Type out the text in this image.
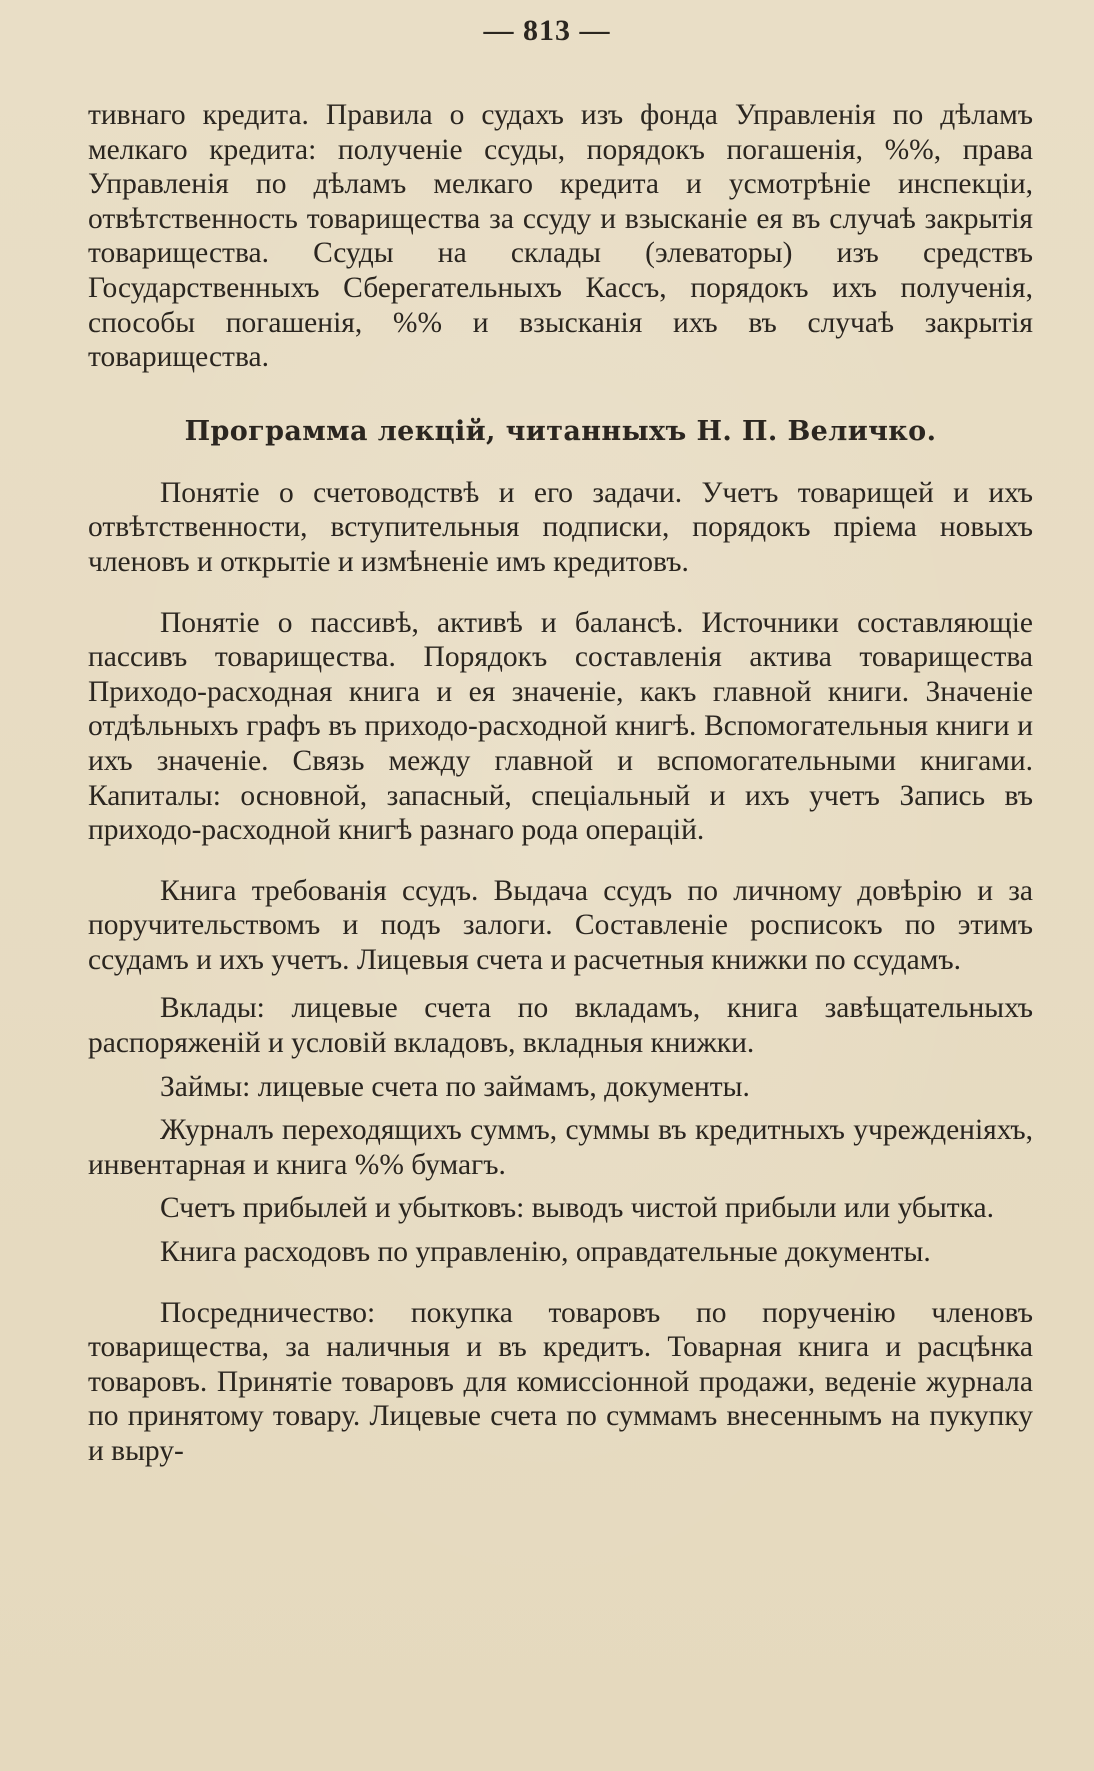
— 813 —

тивнаго кредита. Правила о судахъ изъ фонда Управленія по дѣламъ мелкаго кредита: полученіе ссуды, порядокъ погашенія, %%, права Управленія по дѣламъ мелкаго кредита и усмотрѣніе инспекціи, отвѣтственность товарищества за ссуду и взысканіе ея въ случаѣ закрытія товарищества. Ссуды на склады (элеваторы) изъ средствъ Государственныхъ Сберегательныхъ Кассъ, порядокъ ихъ полученія, способы погашенія, %% и взысканія ихъ въ случаѣ закрытія товарищества.

Программа лекцій, читанныхъ Н. П. Величко.

Понятіе о счетоводствѣ и его задачи. Учетъ товарищей и ихъ отвѣтственности, вступительныя подписки, порядокъ пріема новыхъ членовъ и открытіе и измѣненіе имъ кредитовъ.

Понятіе о пассивѣ, активѣ и балансѣ. Источники составляющіе пассивъ товарищества. Порядокъ составленія актива товарищества Приходо-расходная книга и ея значеніе, какъ главной книги. Значеніе отдѣльныхъ графъ въ приходо-расходной книгѣ. Вспомогательныя книги и ихъ значеніе. Связь между главной и вспомогательными книгами. Капиталы: основной, запасный, спеціальный и ихъ учетъ Запись въ приходо-расходной книгѣ разнаго рода операцій.

Книга требованія ссудъ. Выдача ссудъ по личному довѣрію и за поручительствомъ и подъ залоги. Составленіе росписокъ по этимъ ссудамъ и ихъ учетъ. Лицевыя счета и расчетныя книжки по ссудамъ.

Вклады: лицевые счета по вкладамъ, книга завѣщательныхъ распоряженій и условій вкладовъ, вкладныя книжки.

Займы: лицевые счета по займамъ, документы.

Журналъ переходящихъ суммъ, суммы въ кредитныхъ учрежденіяхъ, инвентарная и книга %% бумагъ.

Счетъ прибылей и убытковъ: выводъ чистой прибыли или убытка.

Книга расходовъ по управленію, оправдательные документы.

Посредничество: покупка товаровъ по порученію членовъ товарищества, за наличныя и въ кредитъ. Товарная книга и расцѣнка товаровъ. Принятіе товаровъ для комиссіонной продажи, веденіе журнала по принятому товару. Лицевые счета по суммамъ внесеннымъ на пукупку и выру-
